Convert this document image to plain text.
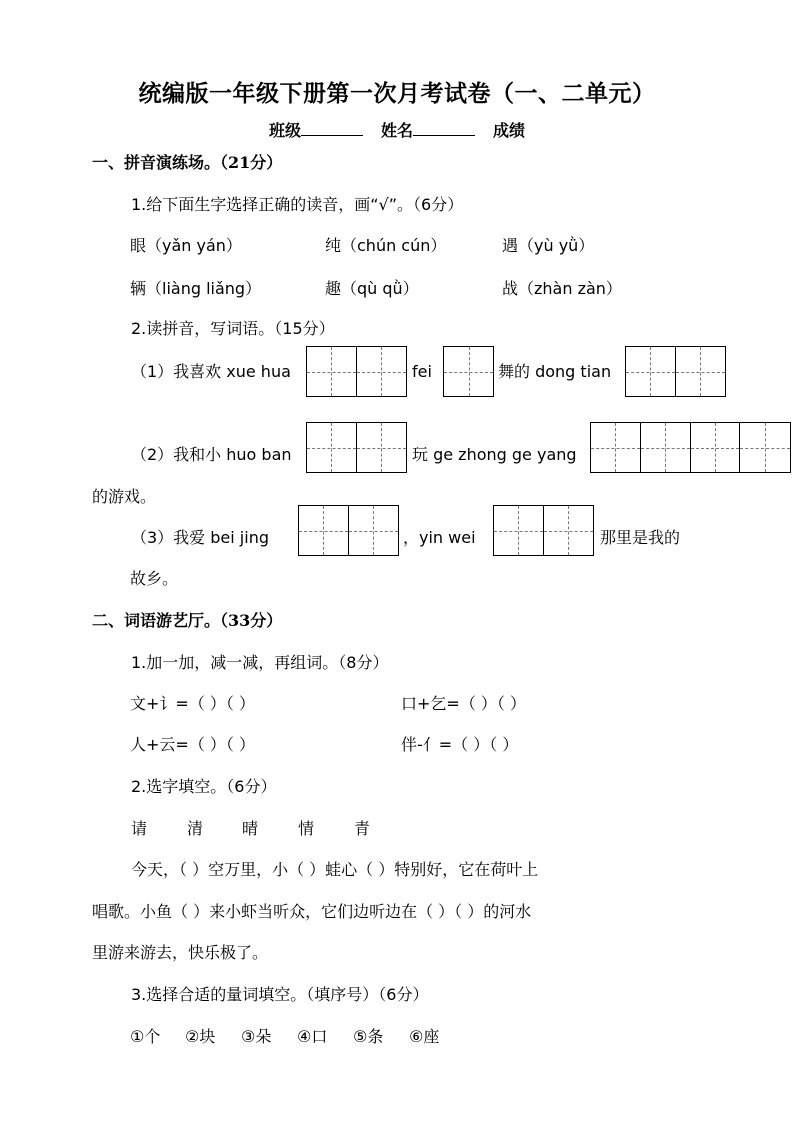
统编版一年级下册第一次月考试卷（一、二单元）
班级	姓名	成绩
一、拼音演练场。（21分）
1.给下面生字选择正确的读音，画“√”。（6分）
眼（yǎn yán）	纯（chún cún）	遇（yù yǜ）
辆（liàng liǎng）	趣（qù qǜ）	战（zhàn zàn）
2.读拼音，写词语。（15分）
（1）我喜欢 xue hua	fei	舞的 dong tian
（2）我和小 huo ban	玩 ge zhong ge yang
的游戏。
（3）我爱 bei jing	，yin wei	那里是我的
故乡。
二、词语游艺厅。（33分）
1.加一加，减一减，再组词。（8分）
文+讠=（ ）（ ）	口+乞=（ ）（ ）
人+云=（ ）（ ）	伴-亻=（ ）（ ）
2.选字填空。（6分）
请 清 晴 情 青
今天，（ ）空万里，小（ ）蛙心（ ）特别好，它在荷叶上
唱歌。小鱼（ ）来小虾当听众，它们边听边在（ ）（ ）的河水
里游来游去，快乐极了。
3.选择合适的量词填空。（填序号）（6分）
①个 ②块 ③朵 ④口 ⑤条 ⑥座
